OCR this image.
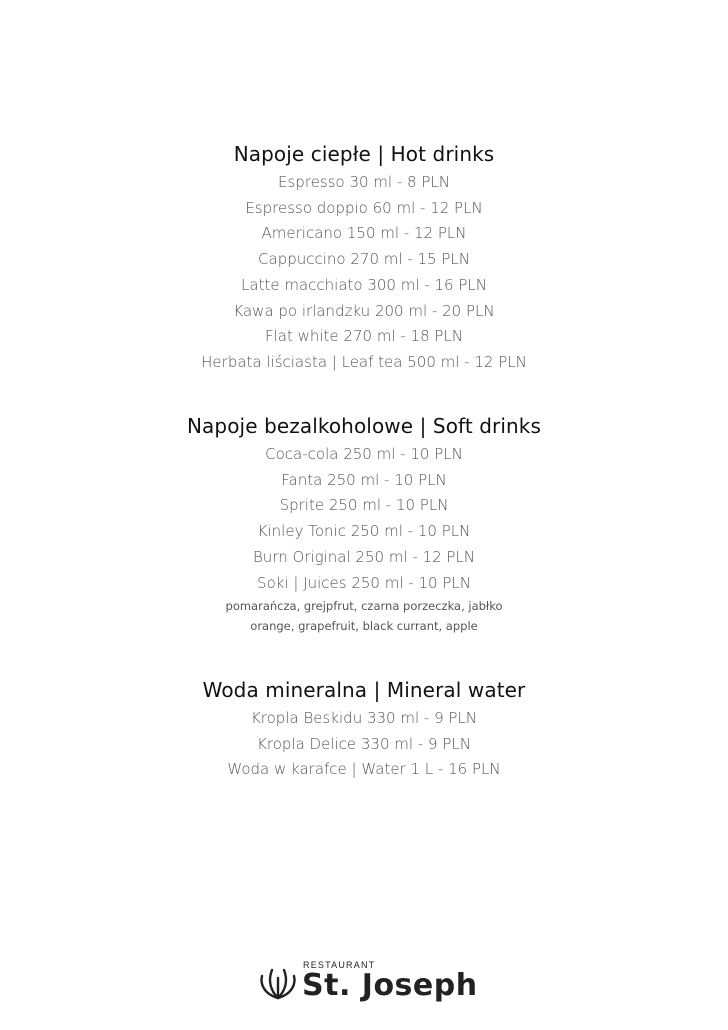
Napoje ciepłe | Hot drinks
Espresso 30 ml - 8 PLN
Espresso doppio 60 ml - 12 PLN
Americano 150 ml - 12 PLN
Cappuccino 270 ml - 15 PLN
Latte macchiato 300 ml - 16 PLN
Kawa po irlandzku 200 ml - 20 PLN
Flat white 270 ml - 18 PLN
Herbata liściasta | Leaf tea 500 ml - 12 PLN
Napoje bezalkoholowe | Soft drinks
Coca-cola 250 ml - 10 PLN
Fanta 250 ml - 10 PLN
Sprite 250 ml - 10 PLN
Kinley Tonic 250 ml - 10 PLN
Burn Original 250 ml - 12 PLN
Soki | Juices 250 ml - 10 PLN

pomarańcza, grejpfrut, czarna porzeczka, jabłko

orange, grapefruit, black currant, apple

Woda mineralna | Mineral water
Kropla Beskidu 330 ml - 9 PLN
Kropla Delice 330 ml - 9 PLN
Woda w karafce | Water 1 L - 16 PLN
RESTAURANT
St. Joseph
